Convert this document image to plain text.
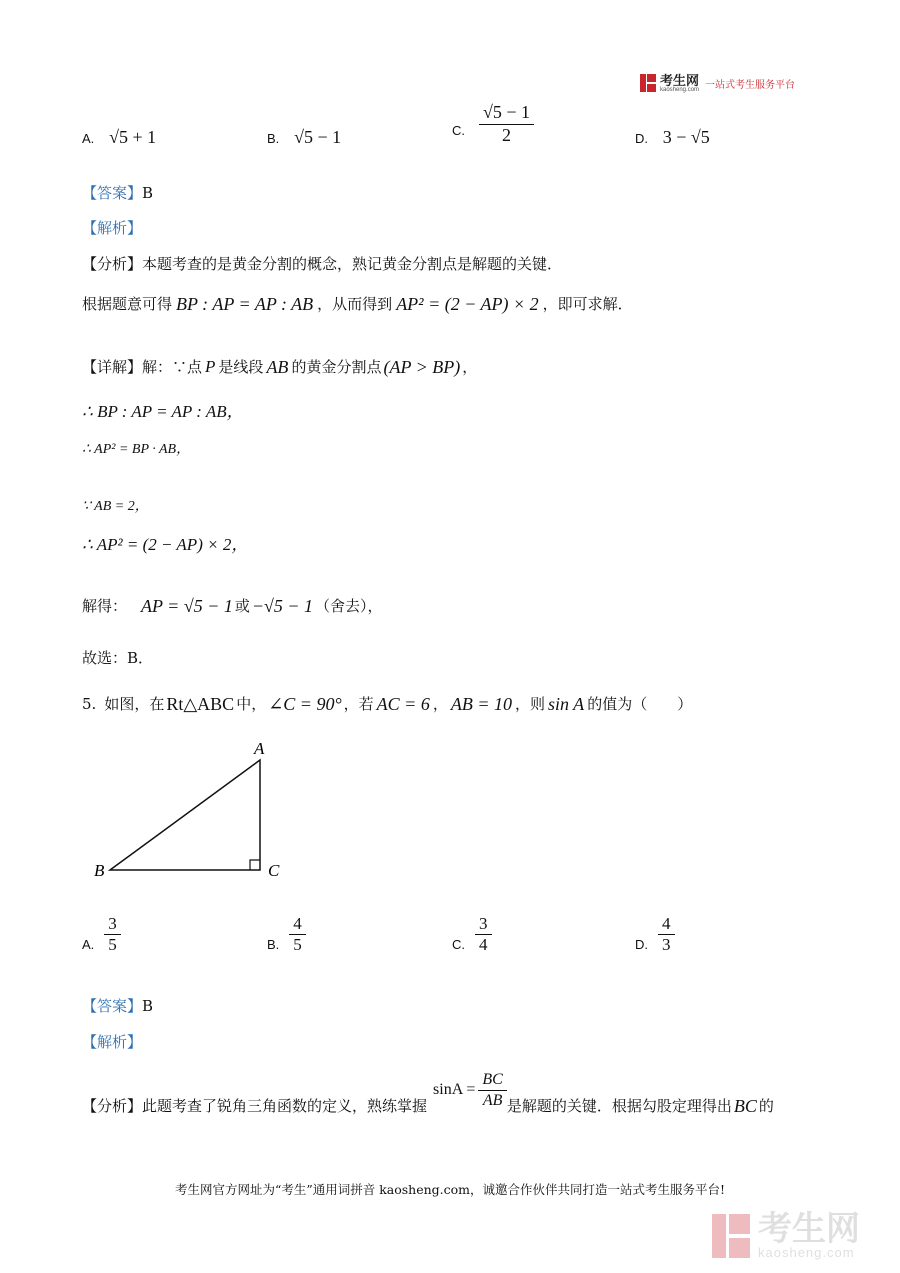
考生网
kaosheng.com 一站式考生服务平台
A. √5 + 1	B. √5 − 1	C. $\frac{√5 - 1}{2}$	D. 3 − √5
【答案】B
【解析】
【分析】本题考查的是黄金分割的概念，熟记黄金分割点是解题的关键．
根据题意可得 BP : AP = AP : AB ，从而得到 AP² = (2 − AP) × 2 ，即可求解．
【详解】 解：∵点 P 是线段 AB 的黄金分割点 (AP > BP) ，
∴ BP : AP = AP : AB，
∴ AP² = BP · AB，
∵ AB = 2，
∴ AP² = (2 − AP) × 2，
解得： AP = √5 − 1 或 −√5 − 1 （舍去），
故选：B．
5. 如图，在 Rt△ABC 中， ∠C = 90° ，若 AC = 6 ， AB = 10 ，则 sin A 的值为（　　）
A
B	C
A. $\frac{3}{5}$	B. $\frac{4}{5}$	C. $\frac{3}{4}$	D. $\frac{4}{3}$
【答案】B
【解析】
【分析】 此题考查了锐角三角函数的定义，熟练掌握
$\sin A = \frac{BC}{AB}$ 是解题的关键．根据勾股定理得出 BC 的
考生网官方网址为“考生”通用词拼音 kaosheng.com，诚邀合作伙伴共同打造一站式考生服务平台!
考生网
kaosheng.com
